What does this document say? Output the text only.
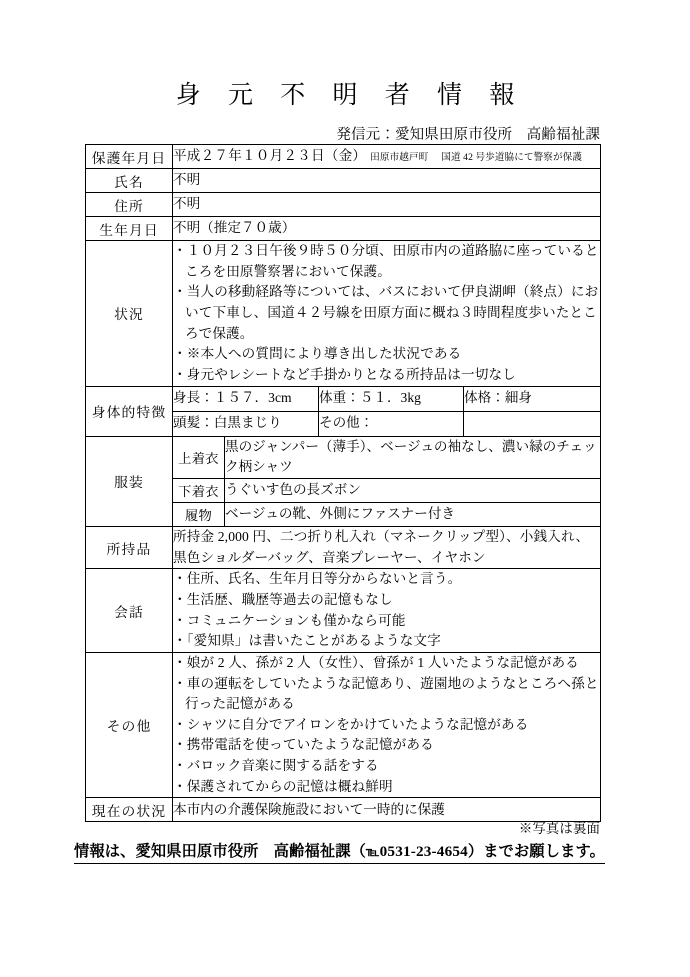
身 元 不 明 者 情 報
発信元：愛知県田原市役所　高齢福祉課
保護年月日	平成２７年１０月２３日（金） 田原市越戸町 国道 42 号歩道脇にて警察が保護			
氏名	不明			
住所	不明			
生年月日	不明（推定７０歳）			
状況	
・ １０月２３日午後９時５０分頃、田原市内の道路脇に座っているところを田原警察署において保護。
・ 当人の移動経路等については、バスにおいて伊良湖岬（終点）において下車し、国道４２号線を田原方面に概ね３時間程度歩いたところで保護。
・ ※本人への質問により導き出した状況である
・ 身元やレシートなど手掛かりとなる所持品は一切なし

身体的特徴	身長：１５７．3cm		体重：５１．3kg	体格：細身
	頭髪：白黒まじり		その他：	
服装	上着衣	黒のジャンパー（薄手）、ベージュの袖なし、濃い緑のチェック柄シャツ		
	下着衣	うぐいす色の長ズボン		
	履物	ベージュの靴、外側にファスナー付き		
所持品	所持金 2,000 円、二つ折り札入れ（マネークリップ型）、小銭入れ、黒色ショルダーバッグ、音楽プレーヤー、イヤホン			

会話	
・ 住所、氏名、生年月日等分からないと言う。
・ 生活歴、職歴等過去の記憶もなし
・ コミュニケーションも僅かなら可能
・ 「愛知県」は書いたことがあるような文字

その他	
・ 娘が 2 人、孫が 2 人（女性）、曾孫が 1 人いたような記憶がある
・ 車の運転をしていたような記憶あり、遊園地のようなところへ孫と行った記憶がある
・ シャツに自分でアイロンをかけていたような記憶がある
・ 携帯電話を使っていたような記憶がある
・ バロック音楽に関する話をする
・ 保護されてからの記憶は概ね鮮明

現在の状況	本市内の介護保険施設において一時的に保護			
※写真は裏面
情報は、愛知県田原市役所　高齢福祉課（℡0531-23-4654）までお願します。
